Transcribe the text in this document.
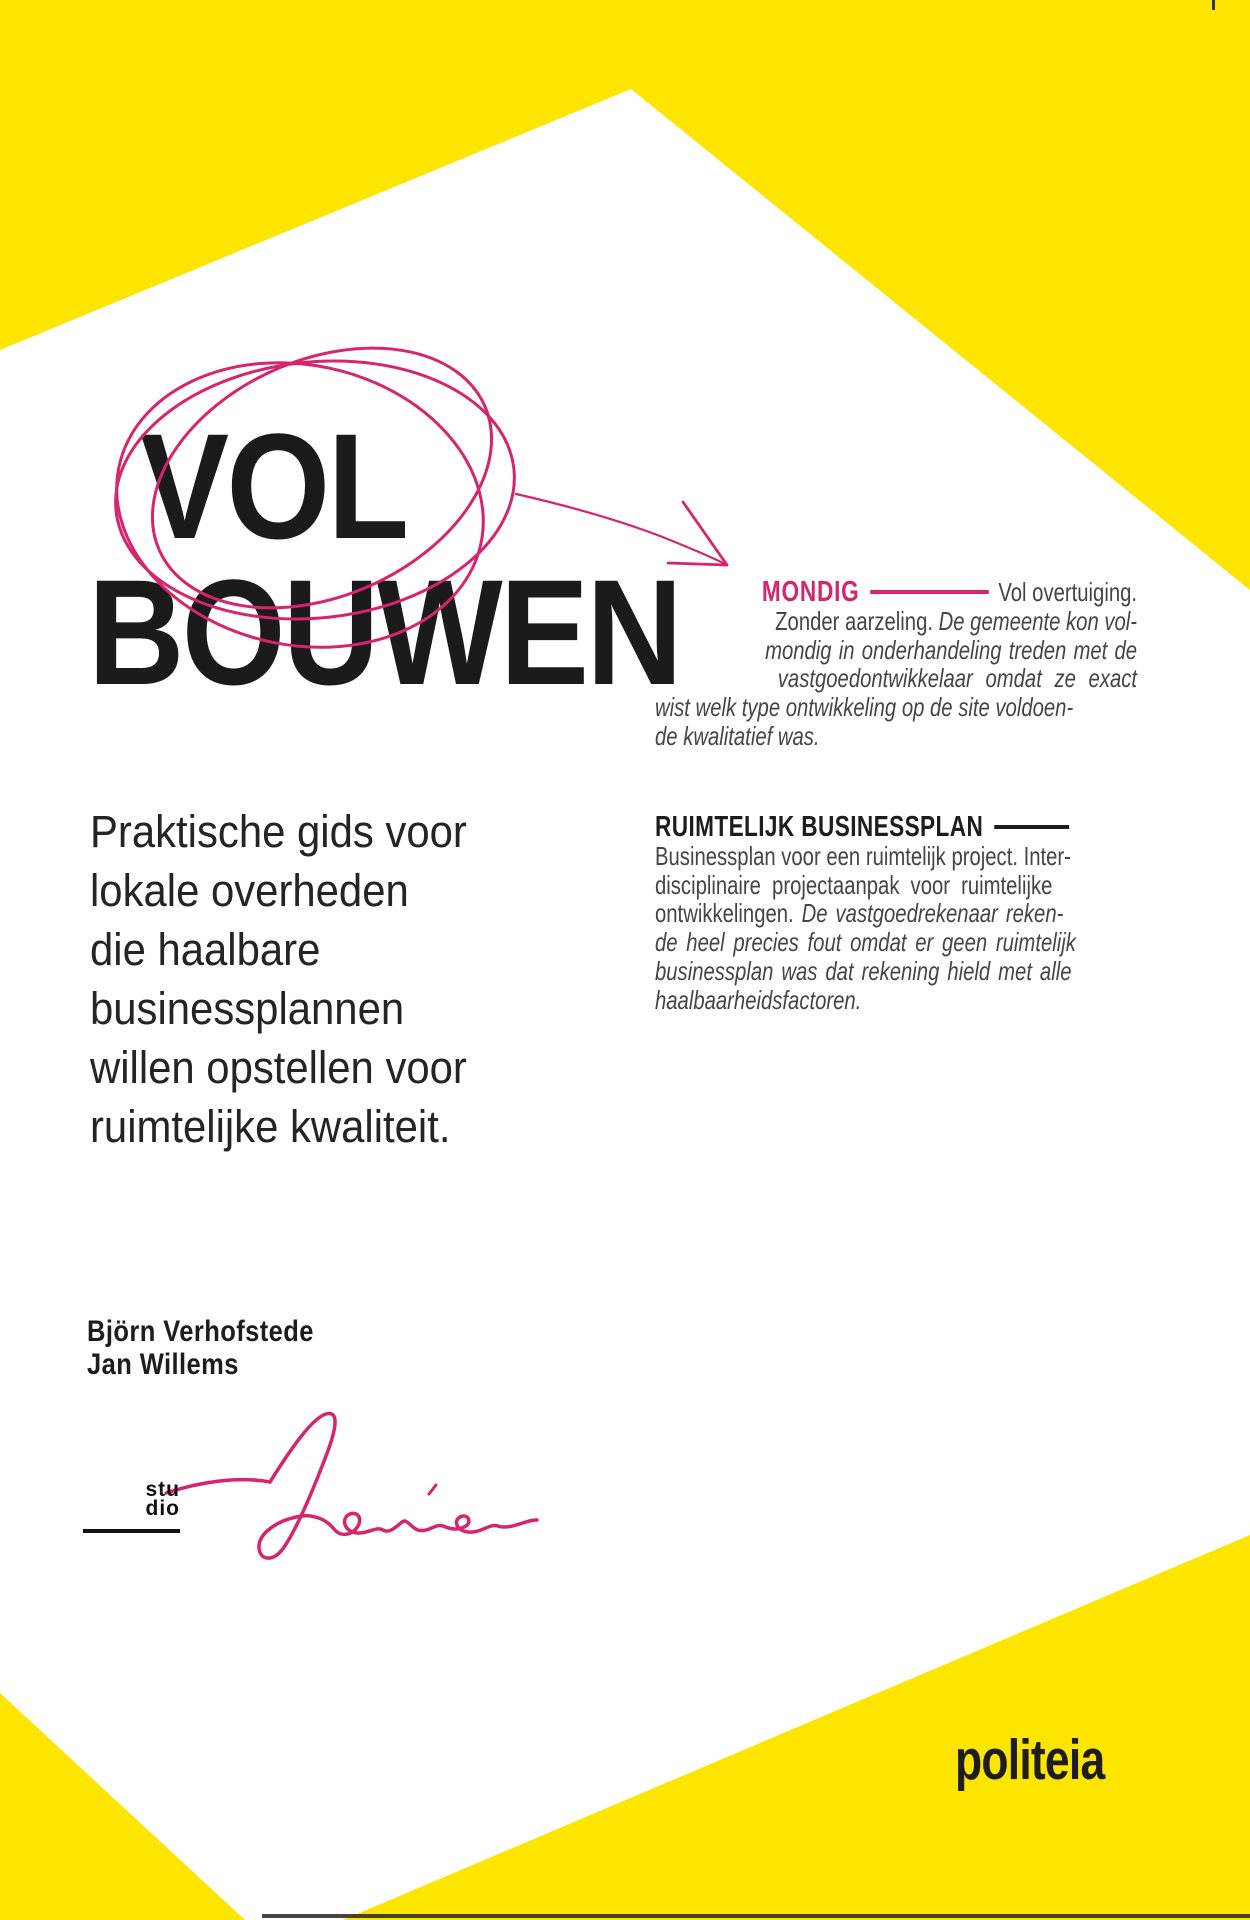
VOL
BOUWEN	MONDIG	Vol overtuiging.
Zonder aarzeling. De gemeente kon vol-
mondig in onderhandeling treden met de
vastgoedontwikkelaar omdat ze exact
wist welk type ontwikkeling op de site voldoen-
de kwalitatief was.
RUIMTELIJK BUSINESSPLAN
Businessplan voor een ruimtelijk project. Inter-
disciplinaire projectaanpak voor ruimtelijke
ontwikkelingen. De vastgoedrekenaar reken-
de heel precies fout omdat er geen ruimtelijk
businessplan was dat rekening hield met alle
haalbaarheidsfactoren.
Praktische gids voor
lokale overheden
die haalbare
businessplannen
willen opstellen voor
ruimtelijke kwaliteit.
Björn Verhofstede
Jan Willems
stu
dio
politeia
